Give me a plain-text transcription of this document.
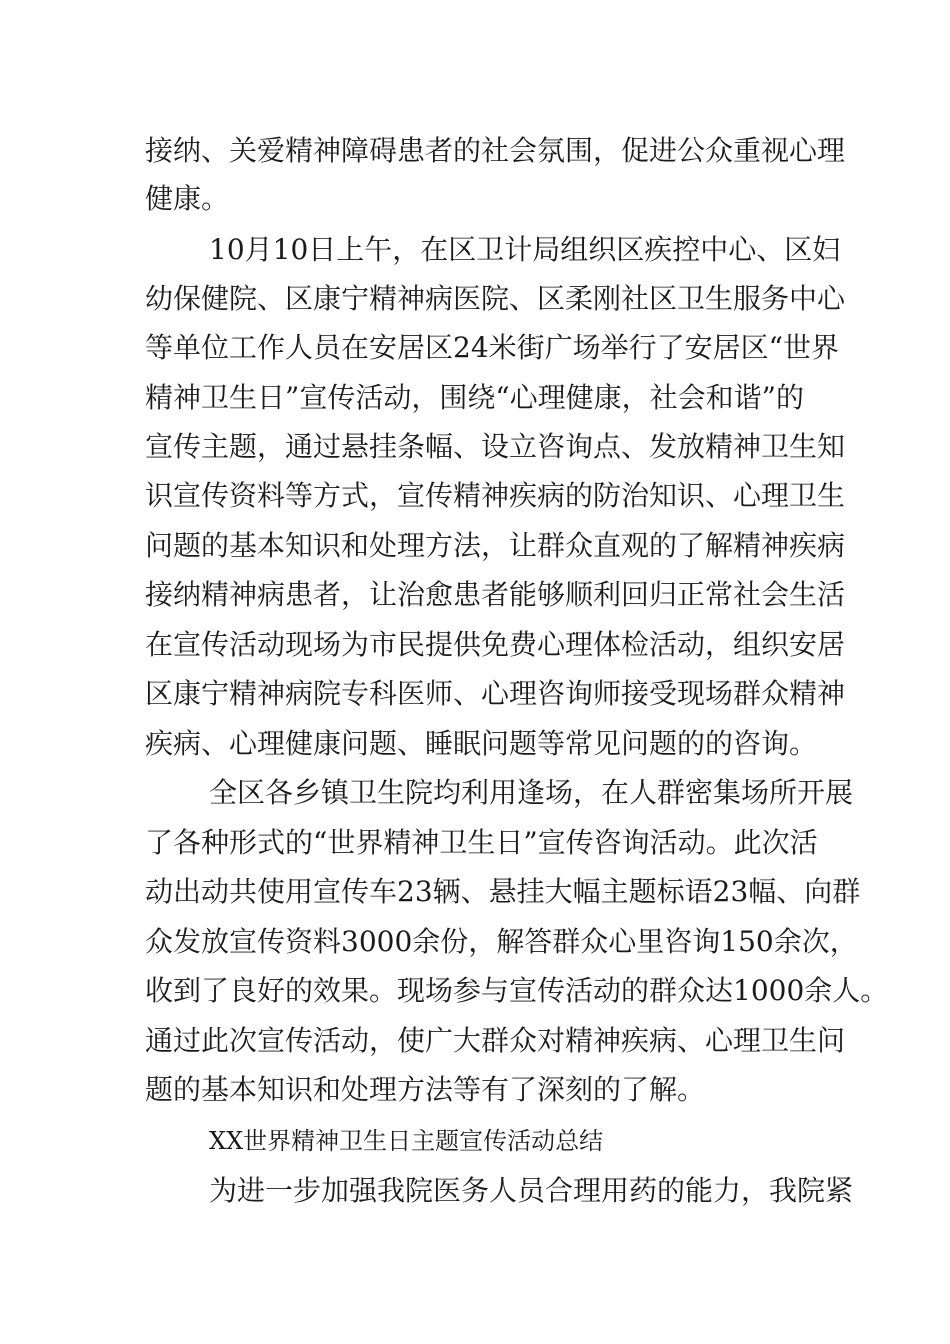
接纳、关爱精神障碍患者的社会氛围，促进公众重视心理
健康。
10月10日上午，在区卫计局组织区疾控中心、区妇
幼保健院、区康宁精神病医院、区柔刚社区卫生服务中心
等单位工作人员在安居区24米街广场举行了安居区“世界
精神卫生日”宣传活动，围绕“心理健康，社会和谐”的
宣传主题，通过悬挂条幅、设立咨询点、发放精神卫生知
识宣传资料等方式，宣传精神疾病的防治知识、心理卫生
问题的基本知识和处理方法，让群众直观的了解精神疾病
接纳精神病患者，让治愈患者能够顺利回归正常社会生活
在宣传活动现场为市民提供免费心理体检活动，组织安居
区康宁精神病院专科医师、心理咨询师接受现场群众精神
疾病、心理健康问题、睡眠问题等常见问题的的咨询。
全区各乡镇卫生院均利用逢场，在人群密集场所开展
了各种形式的“世界精神卫生日”宣传咨询活动。此次活
动出动共使用宣传车23辆、悬挂大幅主题标语23幅、向群
众发放宣传资料3000余份，解答群众心里咨询150余次，
收到了良好的效果。现场参与宣传活动的群众达1000余人。
通过此次宣传活动，使广大群众对精神疾病、心理卫生问
题的基本知识和处理方法等有了深刻的了解。
XX世界精神卫生日主题宣传活动总结
为进一步加强我院医务人员合理用药的能力，我院紧
